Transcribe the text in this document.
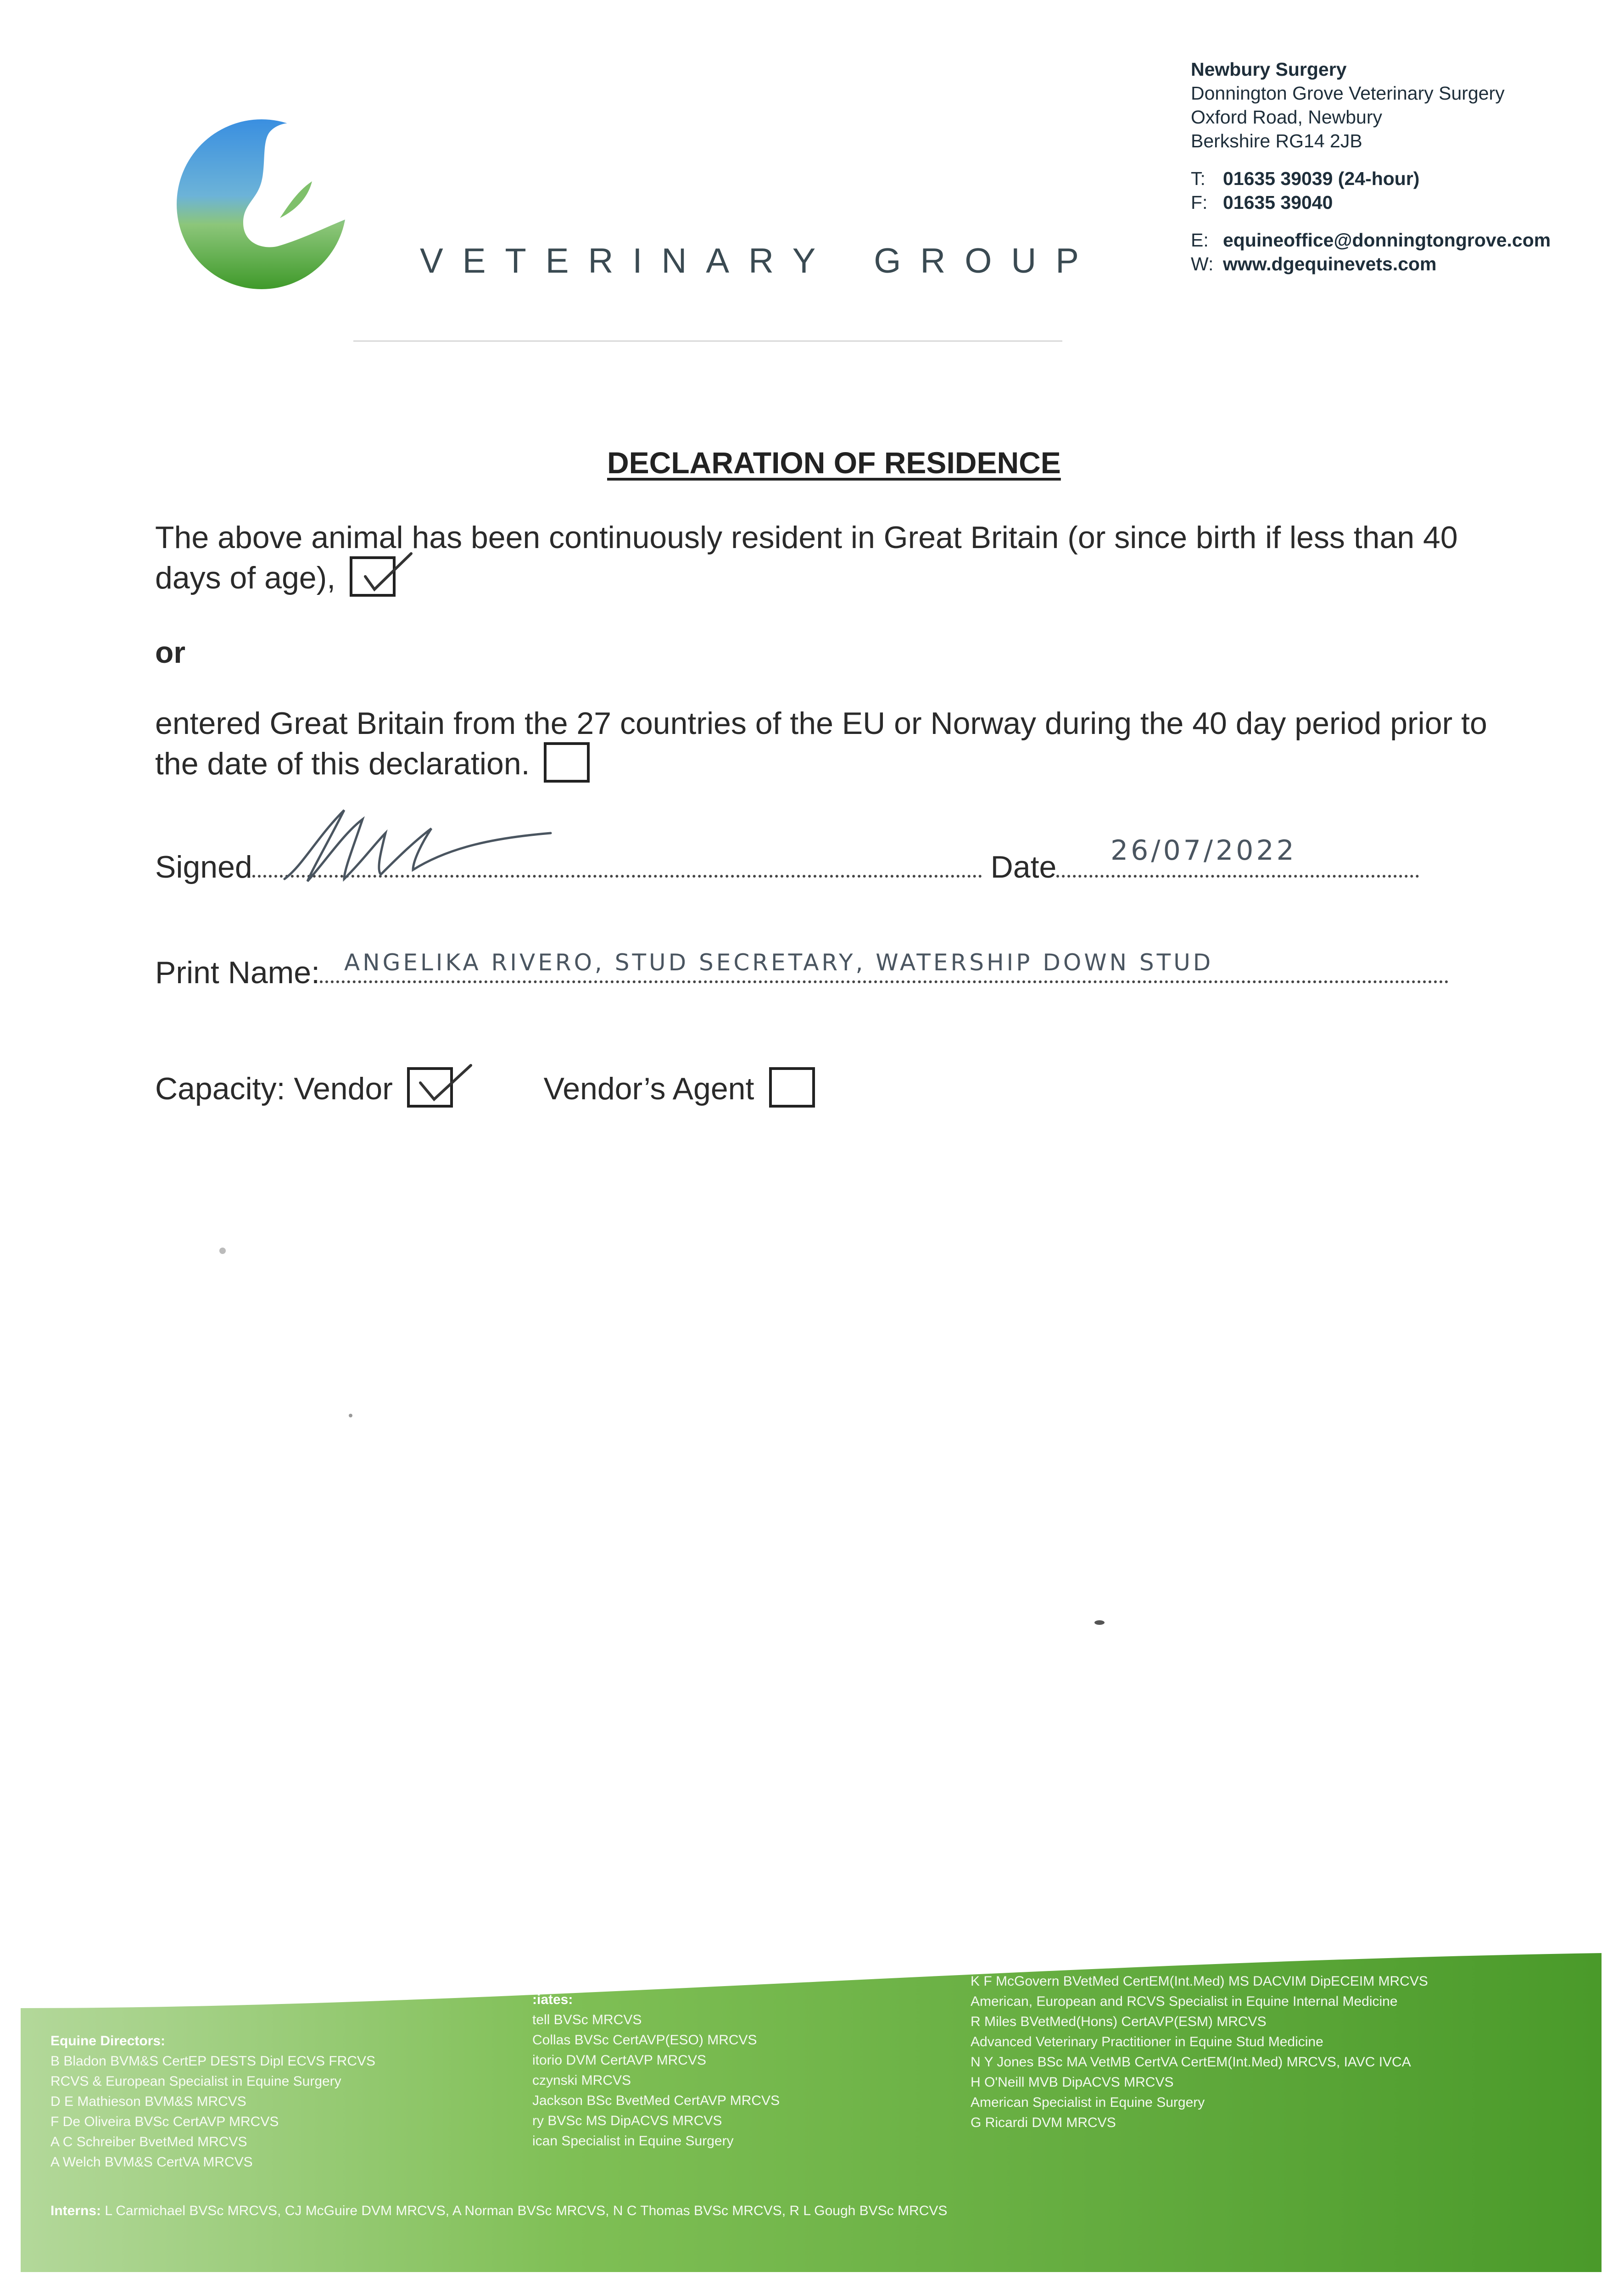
VETERINARY GROUP
Newbury Surgery
Donnington Grove Veterinary Surgery
Oxford Road, Newbury
Berkshire RG14 2JB
T: 01635 39039 (24-hour)
F: 01635 39040
E: equineoffice@donningtongrove.com
W: www.dgequinevets.com
DECLARATION OF RESIDENCE
The above animal has been continuously resident in Great Britain (or since birth if less than 40 days of age),
or
entered Great Britain from the 27 countries of the EU or Norway during the 40 day period prior to the date of this declaration.
Signed	Date	26/07/2022
Print Name:	ANGELIKA RIVERO, STUD SECRETARY, WATERSHIP DOWN STUD
Capacity: Vendor	Vendor’s Agent
Equine Directors:
B Bladon BVM&S CertEP DESTS Dipl ECVS FRCVS
RCVS & European Specialist in Equine Surgery
D E Mathieson BVM&S MRCVS
F De Oliveira BVSc CertAVP MRCVS
A C Schreiber BvetMed MRCVS
A Welch BVM&S CertVA MRCVS
:iates:
tell BVSc MRCVS
Collas BVSc CertAVP(ESO) MRCVS
itorio DVM CertAVP MRCVS
czynski MRCVS
Jackson BSc BvetMed CertAVP MRCVS
ry BVSc MS DipACVS MRCVS
ican Specialist in Equine Surgery
K F McGovern BVetMed CertEM(Int.Med) MS DACVIM DipECEIM MRCVS
American, European and RCVS Specialist in Equine Internal Medicine
R Miles BVetMed(Hons) CertAVP(ESM) MRCVS
Advanced Veterinary Practitioner in Equine Stud Medicine
N Y Jones BSc MA VetMB CertVA CertEM(Int.Med) MRCVS, IAVC IVCA
H O'Neill MVB DipACVS MRCVS
American Specialist in Equine Surgery
G Ricardi DVM MRCVS
Interns: L Carmichael BVSc MRCVS, CJ McGuire DVM MRCVS, A Norman BVSc MRCVS, N C Thomas BVSc MRCVS, R L Gough BVSc MRCVS
